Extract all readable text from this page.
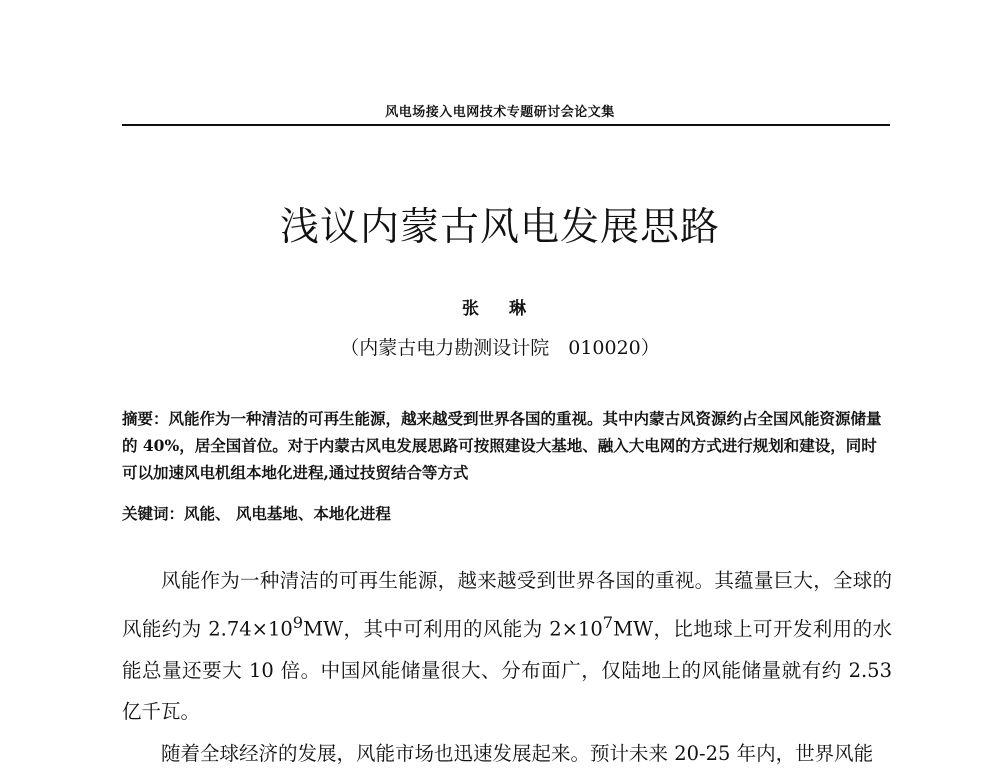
风电场接入电网技术专题研讨会论文集
浅议内蒙古风电发展思路
张 琳
（内蒙古电力勘测设计院　010020）
摘要：风能作为一种清洁的可再生能源，越来越受到世界各国的重视。其中内蒙古风资源约占全国风能资源储量的 40%，居全国首位。对于内蒙古风电发展思路可按照建设大基地、融入大电网的方式进行规划和建设，同时可以加速风电机组本地化进程,通过技贸结合等方式
关键词：风能、 风电基地、本地化进程

风能作为一种清洁的可再生能源，越来越受到世界各国的重视。其蕴量巨大，全球的风能约为 $2.74\times 10^9MW$，其中可利用的风能为 $2\times 10^7MW$，比地球上可开发利用的水能总量还要大 10 倍。中国风能储量很大、分布面广，仅陆地上的风能储量就有约 2.53 亿千瓦。

随着全球经济的发展，风能市场也迅速发展起来。预计未来 20-25 年内，世界风能
